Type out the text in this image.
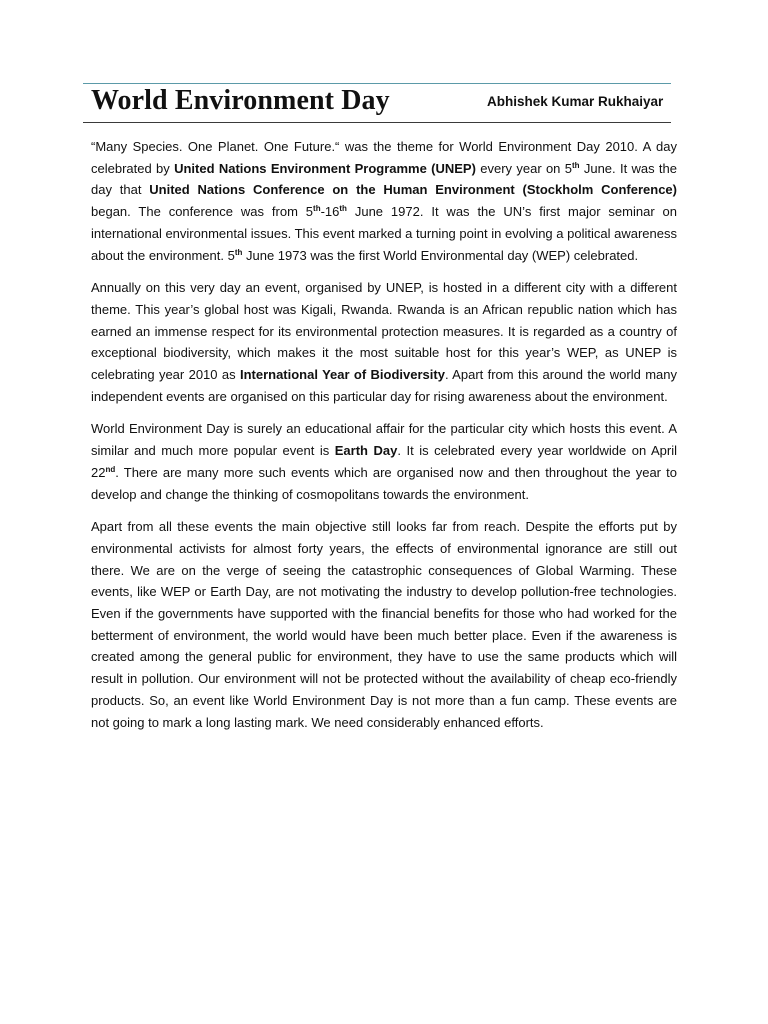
World Environment Day	Abhishek Kumar Rukhaiyar

“Many Species. One Planet. One Future.“ was the theme for World Environment Day 2010. A day celebrated by United Nations Environment Programme (UNEP) every year on 5th June. It was the day that United Nations Conference on the Human Environment (Stockholm Conference) began. The conference was from 5th-16th June 1972. It was the UN’s first major seminar on international environmental issues. This event marked a turning point in evolving a political awareness about the environment. 5th June 1973 was the first World Environmental day (WEP) celebrated.

Annually on this very day an event, organised by UNEP, is hosted in a different city with a different theme. This year’s global host was Kigali, Rwanda. Rwanda is an African republic nation which has earned an immense respect for its environmental protection measures. It is regarded as a country of exceptional biodiversity, which makes it the most suitable host for this year’s WEP, as UNEP is celebrating year 2010 as International Year of Biodiversity. Apart from this around the world many independent events are organised on this particular day for rising awareness about the environment.

World Environment Day is surely an educational affair for the particular city which hosts this event. A similar and much more popular event is Earth Day. It is celebrated every year worldwide on April 22nd. There are many more such events which are organised now and then throughout the year to develop and change the thinking of cosmopolitans towards the environment.

Apart from all these events the main objective still looks far from reach. Despite the efforts put by environmental activists for almost forty years, the effects of environmental ignorance are still out there. We are on the verge of seeing the catastrophic consequences of Global Warming. These events, like WEP or Earth Day, are not motivating the industry to develop pollution-free technologies. Even if the governments have supported with the financial benefits for those who had worked for the betterment of environment, the world would have been much better place. Even if the awareness is created among the general public for environment, they have to use the same products which will result in pollution. Our environment will not be protected without the availability of cheap eco-friendly products. So, an event like World Environment Day is not more than a fun camp. These events are not going to mark a long lasting mark. We need considerably enhanced efforts.
